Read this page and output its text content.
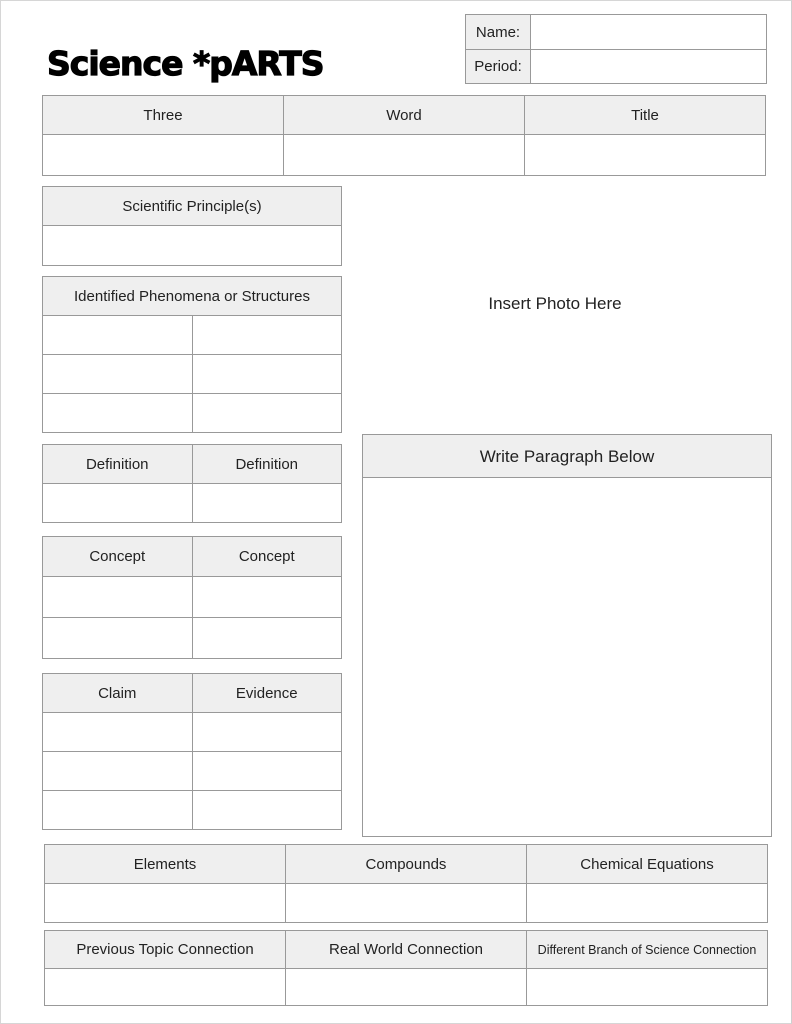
Science *pARTS
Name:	
Period:	
Three	Word	Title

Scientific Principle(s)

Identified Phenomena or Structures	

		Insert Photo Here
Definition	Definition

Concept	Concept

Claim	Evidence

Write Paragraph Below
Elements	Compounds	Chemical Equations

Previous Topic Connection	Real World Connection	Different Branch of Science Connection
